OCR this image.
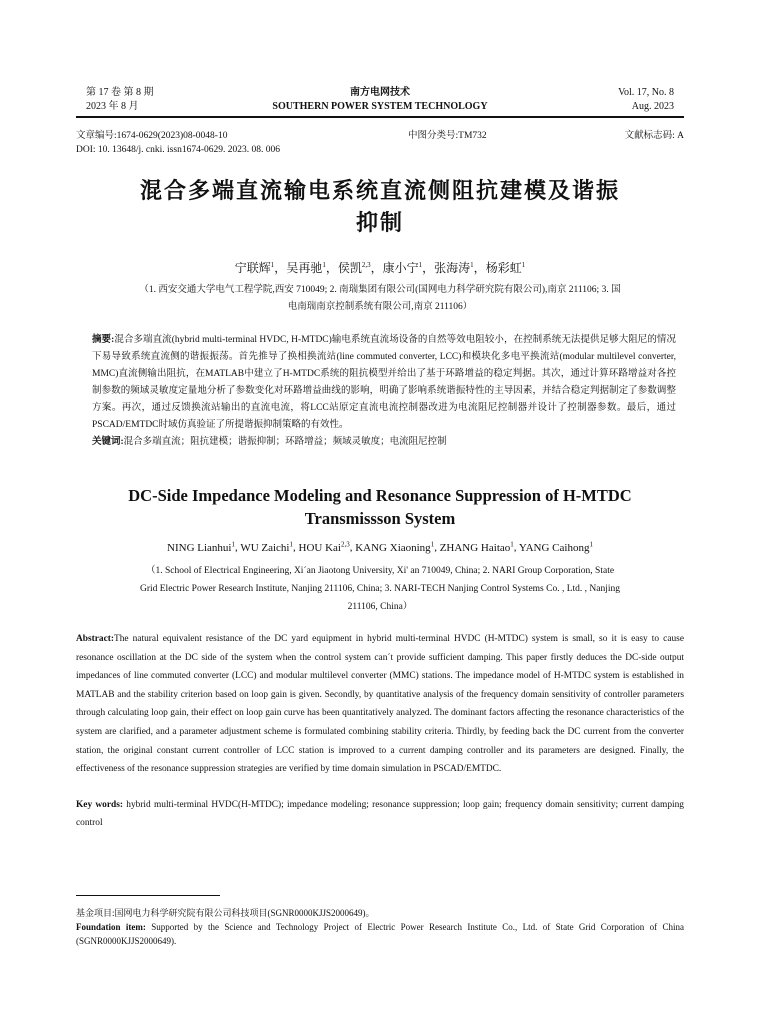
第 17 卷 第 8 期
2023 年 8 月
南方电网技术
SOUTHERN POWER SYSTEM TECHNOLOGY
Vol. 17, No. 8
Aug. 2023
文章编号:1674-0629(2023)08-0048-10	中图分类号:TM732	文献标志码: A
DOI: 10. 13648/j. cnki. issn1674-0629. 2023. 08. 006
混合多端直流输电系统直流侧阻抗建模及谐振
抑制
宁联辉$^1$，吴再驰$^1$，侯凯$^{2,3}$，康小宁$^1$，张海涛$^1$，杨彩虹$^1$
（1. 西安交通大学电气工程学院,西安 710049; 2. 南瑞集团有限公司(国网电力科学研究院有限公司),南京 211106; 3. 国
电南瑞南京控制系统有限公司,南京 211106）
摘要:混合多端直流(hybrid multi-terminal HVDC, H-MTDC)输电系统直流场设备的自然等效电阻较小，在控制系统无法提供足够大阻尼的情况下易导致系统直流侧的谐振振荡。首先推导了换相换流站(line commuted converter, LCC)和模块化多电平换流站(modular multilevel converter, MMC)直流侧输出阻抗，在MATLAB中建立了H-MTDC系统的阻抗模型并给出了基于环路增益的稳定判据。其次，通过计算环路增益对各控制参数的频域灵敏度定量地分析了参数变化对环路增益曲线的影响，明确了影响系统谐振特性的主导因素，并结合稳定判据制定了参数调整方案。再次，通过反馈换流站输出的直流电流，将LCC站原定直流电流控制器改进为电流阻尼控制器并设计了控制器参数。最后，通过PSCAD/EMTDC时域仿真验证了所提谐振抑制策略的有效性。
关键词:混合多端直流；阻抗建模；谐振抑制；环路增益；频域灵敏度；电流阻尼控制
DC-Side Impedance Modeling and Resonance Suppression of H-MTDC
Transmissson System
NING Lianhui$^1$, WU Zaichi$^1$, HOU Kai$^{2,3}$, KANG Xiaoning$^1$, ZHANG Haitao$^1$, YANG Caihong$^1$
（1. School of Electrical Engineering, Xi´an Jiaotong University, Xi' an 710049, China; 2. NARI Group Corporation, State
Grid Electric Power Research Institute, Nanjing 211106, China; 3. NARI-TECH Nanjing Control Systems Co. , Ltd. , Nanjing
211106, China）
Abstract:The natural equivalent resistance of the DC yard equipment in hybrid multi-terminal HVDC (H-MTDC) system is small, so it is easy to cause resonance oscillation at the DC side of the system when the control system can´t provide sufficient damping. This paper firstly deduces the DC-side output impedances of line commuted converter (LCC) and modular multilevel converter (MMC) stations. The impedance model of H-MTDC system is established in MATLAB and the stability criterion based on loop gain is given. Secondly, by quantitative analysis of the frequency domain sensitivity of controller parameters through calculating loop gain, their effect on loop gain curve has been quantitatively analyzed. The dominant factors affecting the resonance characteristics of the system are clarified, and a parameter adjustment scheme is formulated combining stability criteria. Thirdly, by feeding back the DC current from the converter station, the original constant current controller of LCC station is improved to a current damping controller and its parameters are designed. Finally, the effectiveness of the resonance suppression strategies are verified by time domain simulation in PSCAD/EMTDC.
Key words: hybrid multi-terminal HVDC(H-MTDC); impedance modeling; resonance suppression; loop gain; frequency domain sensitivity; current damping control
基金项目:国网电力科学研究院有限公司科技项目(SGNR0000KJJS2000649)。
Foundation item: Supported by the Science and Technology Project of Electric Power Research Institute Co., Ltd. of State Grid Corporation of China (SGNR0000KJJS2000649).
